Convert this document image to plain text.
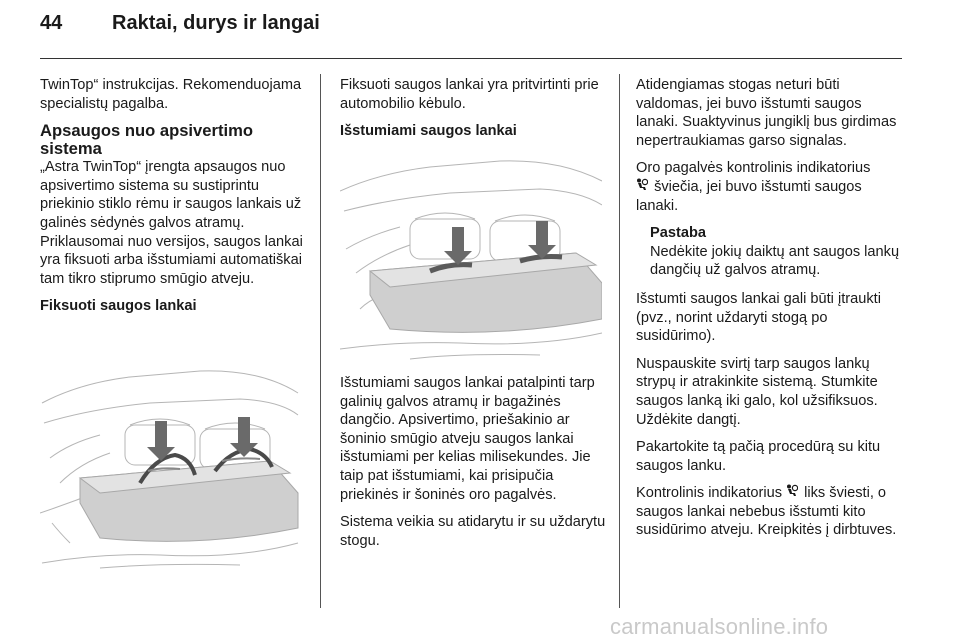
44	Raktai, durys ir langai
TwinTop“ instrukcijas. Rekomenduojama specialistų pagalba.
Apsaugos nuo apsivertimo sistema
„Astra TwinTop“ įrengta apsaugos nuo apsivertimo sistema su sustiprintu priekinio stiklo rėmu ir saugos lankais už galinės sėdynės galvos atramų. Priklausomai nuo versijos, saugos lankai yra fiksuoti arba išstumiami automatiškai tam tikro stiprumo smūgio atveju.
Fiksuoti saugos lankai
Fiksuoti saugos lankai yra pritvirtinti prie automobilio kėbulo.
Išstumiami saugos lankai
Išstumiami saugos lankai patalpinti tarp galinių galvos atramų ir bagažinės dangčio. Apsivertimo, priešakinio ar šoninio smūgio atveju saugos lankai išstumiami per kelias milisekundes. Jie taip pat išstumiami, kai prisipučia priekinės ir šoninės oro pagalvės.
Sistema veikia su atidarytu ir su uždarytu stogu.
Atidengiamas stogas neturi būti valdomas, jei buvo išstumti saugos lanaki. Suaktyvinus jungiklį bus girdimas nepertraukiamas garso signalas.
Oro pagalvės kontrolinis indikatorius
šviečia, jei buvo išstumti saugos lanaki.
Pastaba
Nedėkite jokių daiktų ant saugos lankų dangčių už galvos atramų.
Išstumti saugos lankai gali būti įtraukti (pvz., norint uždaryti stogą po susidūrimo).
Nuspauskite svirtį tarp saugos lankų strypų ir atrakinkite sistemą. Stumkite saugos lanką iki galo, kol užsifiksuos. Uždėkite dangtį.
Pakartokite tą pačią procedūrą su kitu saugos lanku.
Kontrolinis indikatorius liks šviesti, o saugos lankai nebebus išstumti kito susidūrimo atveju. Kreipkitės į dirbtuves.
carmanualsonline.info
